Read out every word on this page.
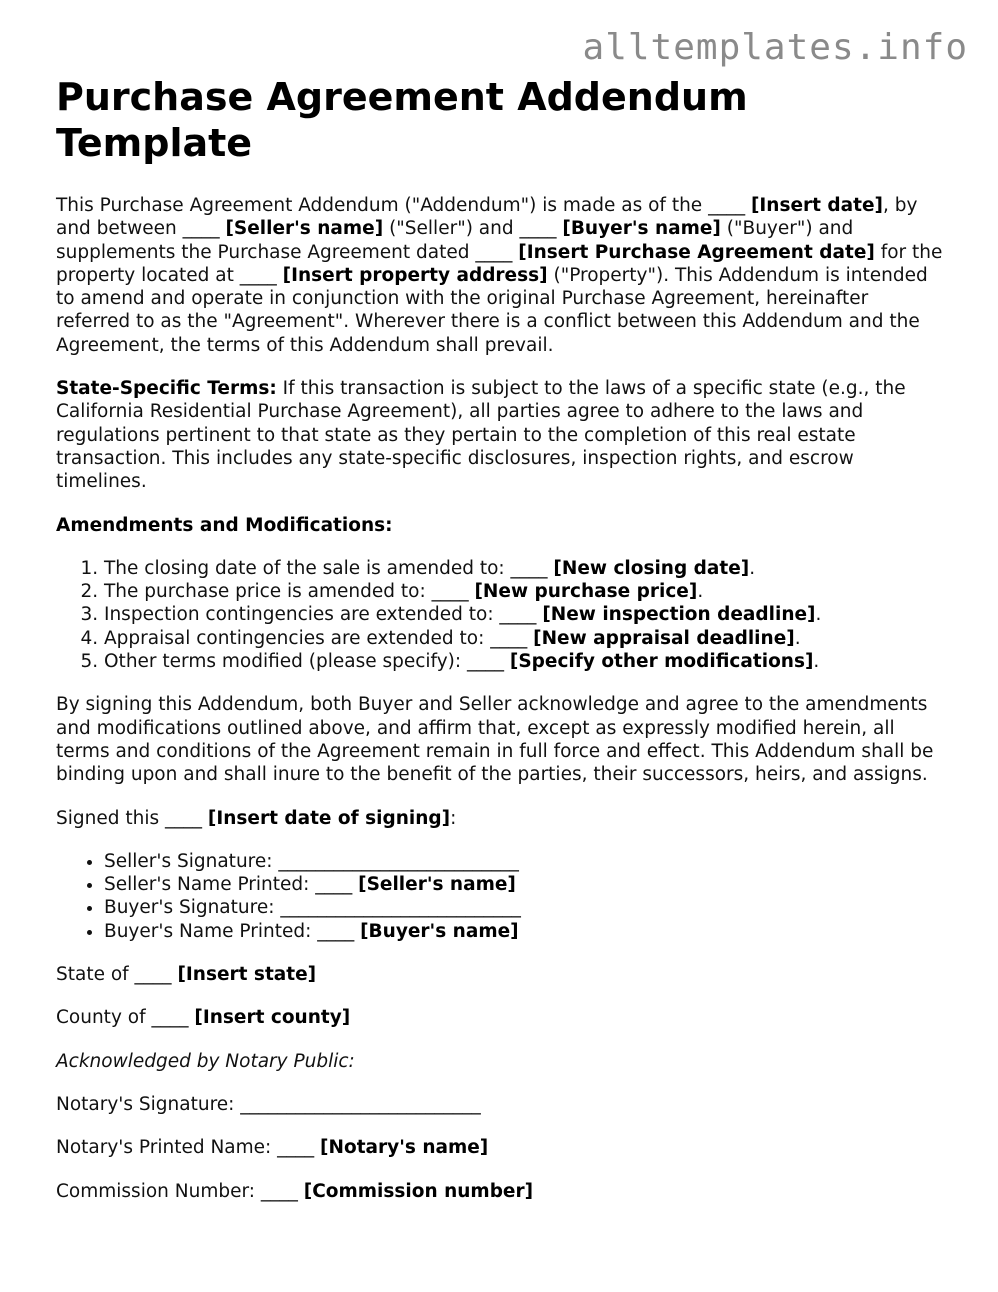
alltemplates.info
Purchase Agreement Addendum Template

This Purchase Agreement Addendum ("Addendum") is made as of the ____ [Insert date], by and between ____ [Seller's name] ("Seller") and ____ [Buyer's name] ("Buyer") and supplements the Purchase Agreement dated ____ [Insert Purchase Agreement date] for the property located at ____ [Insert property address] ("Property"). This Addendum is intended to amend and operate in conjunction with the original Purchase Agreement, hereinafter referred to as the "Agreement". Wherever there is a conflict between this Addendum and the Agreement, the terms of this Addendum shall prevail.

State-Specific Terms: If this transaction is subject to the laws of a specific state (e.g., the California Residential Purchase Agreement), all parties agree to adhere to the laws and regulations pertinent to that state as they pertain to the completion of this real estate transaction. This includes any state-specific disclosures, inspection rights, and escrow timelines.

Amendments and Modifications:

1. The closing date of the sale is amended to: ____ [New closing date].
2. The purchase price is amended to: ____ [New purchase price].
3. Inspection contingencies are extended to: ____ [New inspection deadline].
4. Appraisal contingencies are extended to: ____ [New appraisal deadline].
5. Other terms modified (please specify): ____ [Specify other modifications].

By signing this Addendum, both Buyer and Seller acknowledge and agree to the amendments and modifications outlined above, and affirm that, except as expressly modified herein, all terms and conditions of the Agreement remain in full force and effect. This Addendum shall be binding upon and shall inure to the benefit of the parties, their successors, heirs, and assigns.

Signed this ____ [Insert date of signing]:

• Seller's Signature: __________________________
• Seller's Name Printed: ____ [Seller's name]
• Buyer's Signature: __________________________
• Buyer's Name Printed: ____ [Buyer's name]

State of ____ [Insert state]

County of ____ [Insert county]

Acknowledged by Notary Public:

Notary's Signature: __________________________

Notary's Printed Name: ____ [Notary's name]

Commission Number: ____ [Commission number]
